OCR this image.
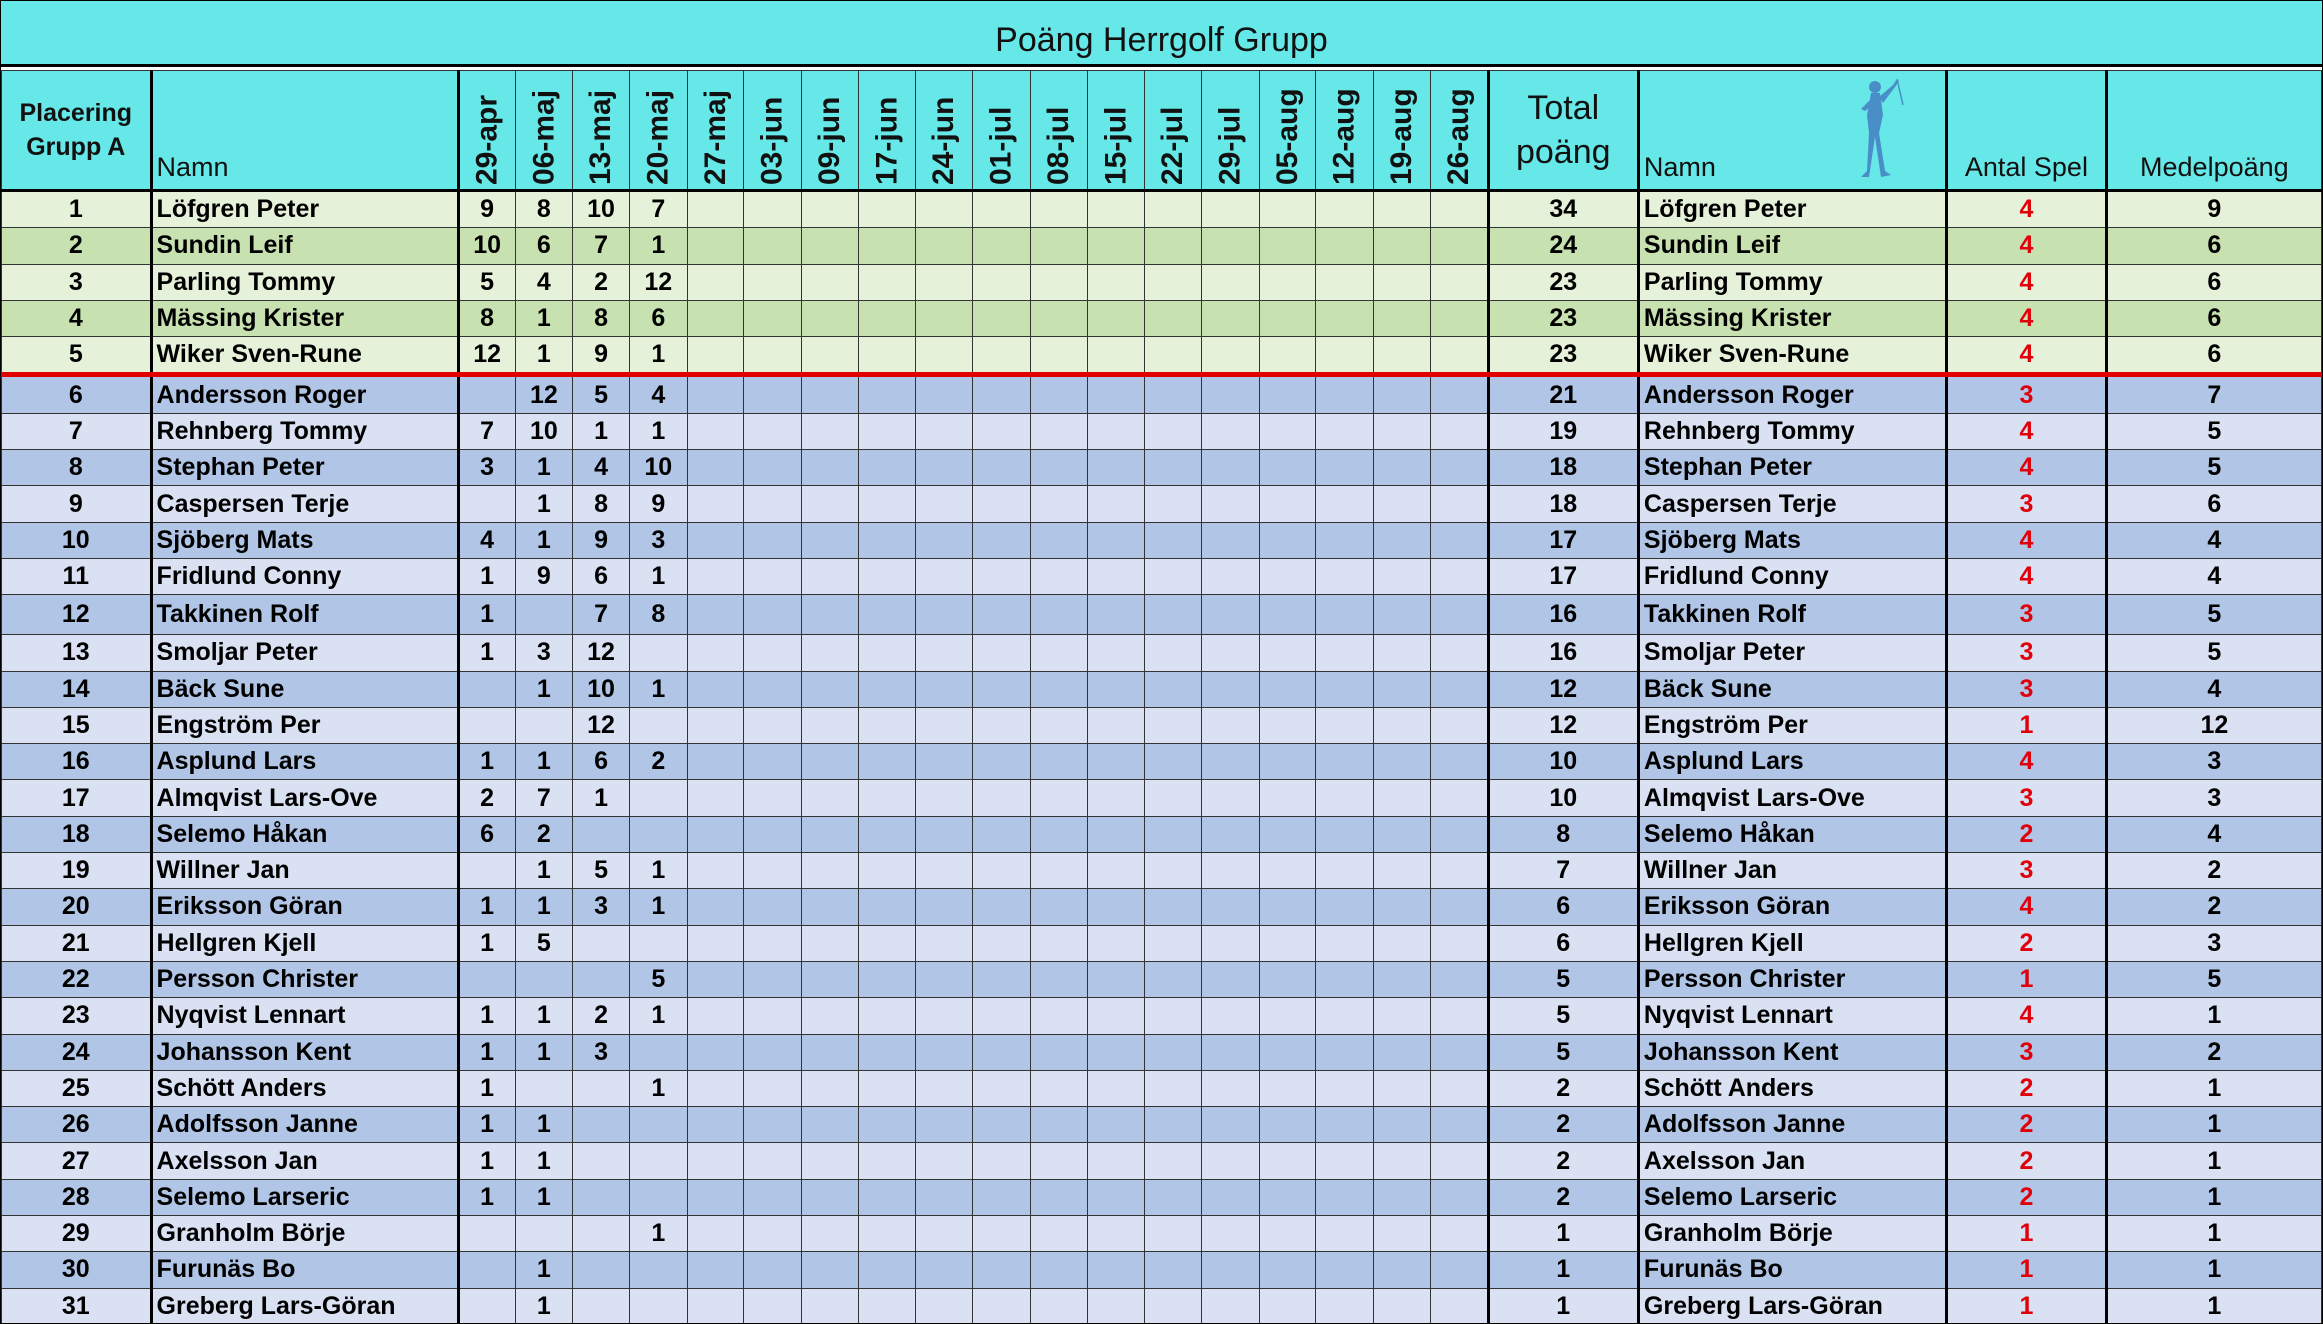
Poäng Herrgolf Grupp
Placering
Grupp A	Namn	29-apr	06-maj	13-maj	20-maj	27-maj	03-jun	09-jun	17-jun	24-jun	01-jul	08-jul	15-jul	22-jul	29-jul	05-aug	12-aug	19-aug	26-aug	Total
poäng	Namn	Antal Spel	Medelpoäng
1	Löfgren Peter	9	8	10	7															34	Löfgren Peter	4	9
2	Sundin Leif	10	6	7	1															24	Sundin Leif	4	6
3	Parling Tommy	5	4	2	12															23	Parling Tommy	4	6
4	Mässing Krister	8	1	8	6															23	Mässing Krister	4	6
5	Wiker Sven-Rune	12	1	9	1															23	Wiker Sven-Rune	4	6
6	Andersson Roger		12	5	4															21	Andersson Roger	3	7
7	Rehnberg Tommy	7	10	1	1															19	Rehnberg Tommy	4	5
8	Stephan Peter	3	1	4	10															18	Stephan Peter	4	5
9	Caspersen Terje		1	8	9															18	Caspersen Terje	3	6
10	Sjöberg Mats	4	1	9	3															17	Sjöberg Mats	4	4
11	Fridlund Conny	1	9	6	1															17	Fridlund Conny	4	4
12	Takkinen Rolf	1		7	8															16	Takkinen Rolf	3	5
13	Smoljar Peter	1	3	12																16	Smoljar Peter	3	5
14	Bäck Sune		1	10	1															12	Bäck Sune	3	4
15	Engström Per			12																12	Engström Per	1	12
16	Asplund Lars	1	1	6	2															10	Asplund Lars	4	3
17	Almqvist Lars-Ove	2	7	1																10	Almqvist Lars-Ove	3	3
18	Selemo Håkan	6	2																	8	Selemo Håkan	2	4
19	Willner Jan		1	5	1															7	Willner Jan	3	2
20	Eriksson Göran	1	1	3	1															6	Eriksson Göran	4	2
21	Hellgren Kjell	1	5																	6	Hellgren Kjell	2	3
22	Persson Christer				5															5	Persson Christer	1	5
23	Nyqvist Lennart	1	1	2	1															5	Nyqvist Lennart	4	1
24	Johansson Kent	1	1	3																5	Johansson Kent	3	2
25	Schött Anders	1			1															2	Schött Anders	2	1
26	Adolfsson Janne	1	1																	2	Adolfsson Janne	2	1
27	Axelsson Jan	1	1																	2	Axelsson Jan	2	1
28	Selemo Larseric	1	1																	2	Selemo Larseric	2	1
29	Granholm Börje				1															1	Granholm Börje	1	1
30	Furunäs Bo		1																	1	Furunäs Bo	1	1
31	Greberg Lars-Göran		1																	1	Greberg Lars-Göran	1	1
